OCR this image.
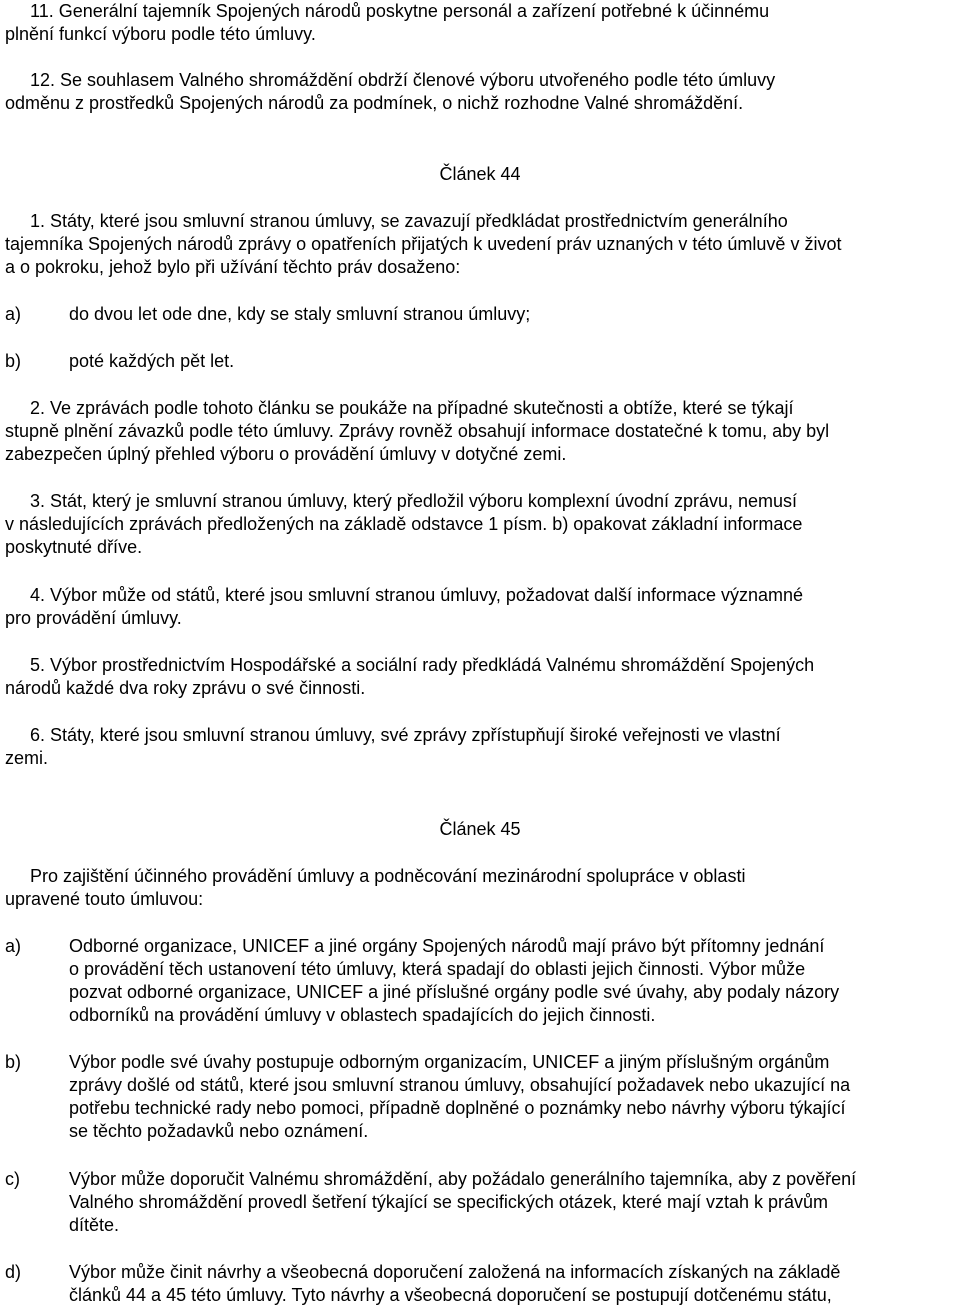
11. Generální tajemník Spojených národů poskytne personál a zařízení potřebné k účinnému
plnění funkcí výboru podle této úmluvy.

12. Se souhlasem Valného shromáždění obdrží členové výboru utvořeného podle této úmluvy
odměnu z prostředků Spojených národů za podmínek, o nichž rozhodne Valné shromáždění.

Článek 44

1. Státy, které jsou smluvní stranou úmluvy, se zavazují předkládat prostřednictvím generálního
tajemníka Spojených národů zprávy o opatřeních přijatých k uvedení práv uznaných v této úmluvě v život
a o pokroku, jehož bylo při užívání těchto práv dosaženo:

a)	do dvou let ode dne, kdy se staly smluvní stranou úmluvy;
b)	poté každých pět let.

2. Ve zprávách podle tohoto článku se poukáže na případné skutečnosti a obtíže, které se týkají
stupně plnění závazků podle této úmluvy. Zprávy rovněž obsahují informace dostatečné k tomu, aby byl
zabezpečen úplný přehled výboru o provádění úmluvy v dotyčné zemi.

3. Stát, který je smluvní stranou úmluvy, který předložil výboru komplexní úvodní zprávu, nemusí
v následujících zprávách předložených na základě odstavce 1 písm. b) opakovat základní informace
poskytnuté dříve.

4. Výbor může od států, které jsou smluvní stranou úmluvy, požadovat další informace významné
pro provádění úmluvy.

5. Výbor prostřednictvím Hospodářské a sociální rady předkládá Valnému shromáždění Spojených
národů každé dva roky zprávu o své činnosti.

6. Státy, které jsou smluvní stranou úmluvy, své zprávy zpřístupňují široké veřejnosti ve vlastní
zemi.

Článek 45

Pro zajištění účinného provádění úmluvy a podněcování mezinárodní spolupráce v oblasti
upravené touto úmluvou:

a)	Odborné organizace, UNICEF a jiné orgány Spojených národů mají právo být přítomny jednání
o provádění těch ustanovení této úmluvy, která spadají do oblasti jejich činnosti. Výbor může
pozvat odborné organizace, UNICEF a jiné příslušné orgány podle své úvahy, aby podaly názory
odborníků na provádění úmluvy v oblastech spadajících do jejich činnosti.
b)	Výbor podle své úvahy postupuje odborným organizacím, UNICEF a jiným příslušným orgánům
zprávy došlé od států, které jsou smluvní stranou úmluvy, obsahující požadavek nebo ukazující na
potřebu technické rady nebo pomoci, případně doplněné o poznámky nebo návrhy výboru týkající
se těchto požadavků nebo oznámení.
c)	Výbor může doporučit Valnému shromáždění, aby požádalo generálního tajemníka, aby z pověření
Valného shromáždění provedl šetření týkající se specifických otázek, které mají vztah k právům
dítěte.
d)	Výbor může činit návrhy a všeobecná doporučení založená na informacích získaných na základě
článků 44 a 45 této úmluvy. Tyto návrhy a všeobecná doporučení se postupují dotčenému státu,
